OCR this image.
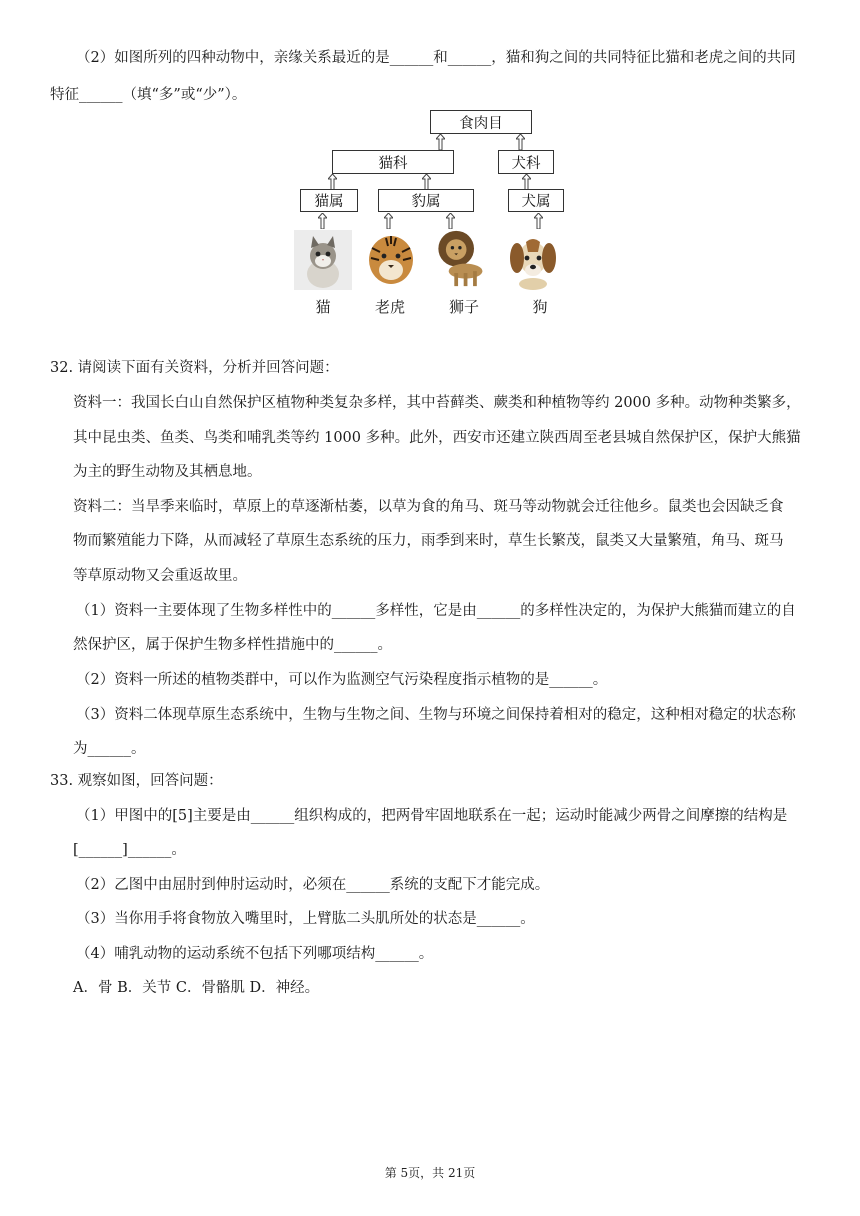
（2）如图所列的四种动物中，亲缘关系最近的是______和______，猫和狗之间的共同特征比猫和老虎之间的共同
特征______（填“多”或“少”）。
食肉目
猫科	犬科
猫属	豹属	犬属
猫	老虎	狮子	狗
32. 请阅读下面有关资料，分析并回答问题：
资料一：我国长白山自然保护区植物种类复杂多样，其中苔藓类、蕨类和种植物等约 2000 多种。动物种类繁多，
其中昆虫类、鱼类、鸟类和哺乳类等约 1000 多种。此外，西安市还建立陕西周至老县城自然保护区，保护大熊猫
为主的野生动物及其栖息地。
资料二：当旱季来临时，草原上的草逐渐枯萎，以草为食的角马、斑马等动物就会迁往他乡。鼠类也会因缺乏食
物而繁殖能力下降，从而减轻了草原生态系统的压力，雨季到来时，草生长繁茂，鼠类又大量繁殖，角马、斑马
等草原动物又会重返故里。
（1）资料一主要体现了生物多样性中的______多样性，它是由______的多样性决定的，为保护大熊猫而建立的自
然保护区，属于保护生物多样性措施中的______。
（2）资料一所述的植物类群中，可以作为监测空气污染程度指示植物的是______。
（3）资料二体现草原生态系统中，生物与生物之间、生物与环境之间保持着相对的稳定，这种相对稳定的状态称
为______。
33. 观察如图，回答问题：
（1）甲图中的[5]主要是由______组织构成的，把两骨牢固地联系在一起；运动时能减少两骨之间摩擦的结构是
[______]______。
（2）乙图中由屈肘到伸肘运动时，必须在______系统的支配下才能完成。
（3）当你用手将食物放入嘴里时，上臂肱二头肌所处的状态是______。
（4）哺乳动物的运动系统不包括下列哪项结构______。
A．骨 B．关节 C．骨骼肌 D．神经。
第 5页，共 21页
